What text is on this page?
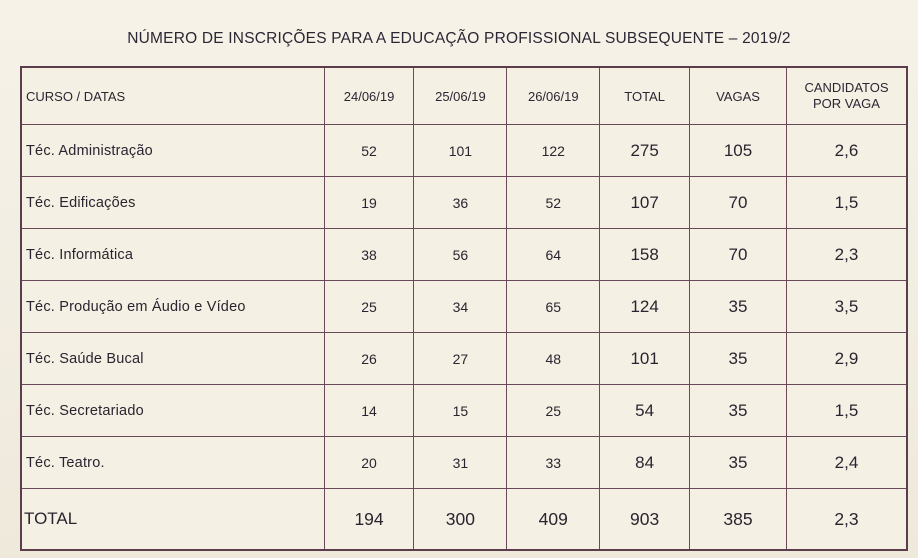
NÚMERO DE INSCRIÇÕES PARA A EDUCAÇÃO PROFISSIONAL SUBSEQUENTE – 2019/2
CURSO / DATAS	24/06/19	25/06/19	26/06/19	TOTAL	VAGAS	CANDIDATOS
POR VAGA

Téc. Administração	52	101	122	275	105	2,6
Téc. Edificações	19	36	52	107	70	1,5
Téc. Informática	38	56	64	158	70	2,3
Téc. Produção em Áudio e Vídeo	25	34	65	124	35	3,5
Téc. Saúde Bucal	26	27	48	101	35	2,9
Téc. Secretariado	14	15	25	54	35	1,5
Téc. Teatro.	20	31	33	84	35	2,4
TOTAL	194	300	409	903	385	2,3
